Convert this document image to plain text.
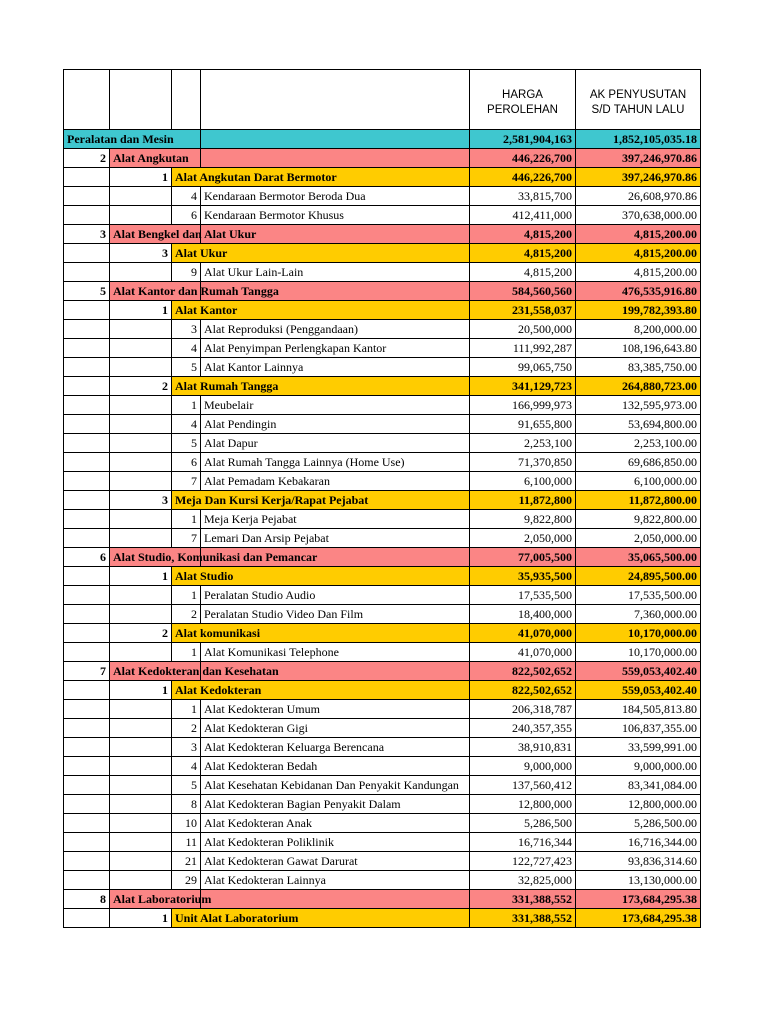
				HARGA PEROLEHAN	AK PENYUSUTAN S/D TAHUN LALU
Peralatan dan Mesin				2,581,904,163	1,852,105,035.18
2	Alat Angkutan			446,226,700	397,246,970.86
	1	Alat Angkutan Darat Bermotor		446,226,700	397,246,970.86
		4	Kendaraan Bermotor Beroda Dua	33,815,700	26,608,970.86
		6	Kendaraan Bermotor Khusus	412,411,000	370,638,000.00
3	Alat Bengkel dan Alat Ukur			4,815,200	4,815,200.00
	3	Alat Ukur		4,815,200	4,815,200.00
		9	Alat Ukur Lain-Lain	4,815,200	4,815,200.00
5	Alat Kantor dan Rumah Tangga			584,560,560	476,535,916.80
	1	Alat Kantor		231,558,037	199,782,393.80
		3	Alat Reproduksi (Penggandaan)	20,500,000	8,200,000.00
		4	Alat Penyimpan Perlengkapan Kantor	111,992,287	108,196,643.80
		5	Alat Kantor Lainnya	99,065,750	83,385,750.00
	2	Alat Rumah Tangga		341,129,723	264,880,723.00
		1	Meubelair	166,999,973	132,595,973.00
		4	Alat Pendingin	91,655,800	53,694,800.00
		5	Alat Dapur	2,253,100	2,253,100.00
		6	Alat Rumah Tangga Lainnya (Home Use)	71,370,850	69,686,850.00
		7	Alat Pemadam Kebakaran	6,100,000	6,100,000.00
	3	Meja Dan Kursi Kerja/Rapat Pejabat		11,872,800	11,872,800.00
		1	Meja Kerja Pejabat	9,822,800	9,822,800.00
		7	Lemari Dan Arsip Pejabat	2,050,000	2,050,000.00
6	Alat Studio, Komunikasi dan Pemancar			77,005,500	35,065,500.00
	1	Alat Studio		35,935,500	24,895,500.00
		1	Peralatan Studio Audio	17,535,500	17,535,500.00
		2	Peralatan Studio Video Dan Film	18,400,000	7,360,000.00
	2	Alat komunikasi		41,070,000	10,170,000.00
		1	Alat Komunikasi Telephone	41,070,000	10,170,000.00
7	Alat Kedokteran dan Kesehatan			822,502,652	559,053,402.40
	1	Alat Kedokteran		822,502,652	559,053,402.40
		1	Alat Kedokteran Umum	206,318,787	184,505,813.80
		2	Alat Kedokteran Gigi	240,357,355	106,837,355.00
		3	Alat Kedokteran Keluarga Berencana	38,910,831	33,599,991.00
		4	Alat Kedokteran Bedah	9,000,000	9,000,000.00
		5	Alat Kesehatan Kebidanan Dan Penyakit Kandungan	137,560,412	83,341,084.00
		8	Alat Kedokteran Bagian Penyakit Dalam	12,800,000	12,800,000.00
		10	Alat Kedokteran Anak	5,286,500	5,286,500.00
		11	Alat Kedokteran Poliklinik	16,716,344	16,716,344.00
		21	Alat Kedokteran Gawat Darurat	122,727,423	93,836,314.60
		29	Alat Kedokteran Lainnya	32,825,000	13,130,000.00
8	Alat Laboratorium			331,388,552	173,684,295.38
	1	Unit Alat Laboratorium		331,388,552	173,684,295.38
